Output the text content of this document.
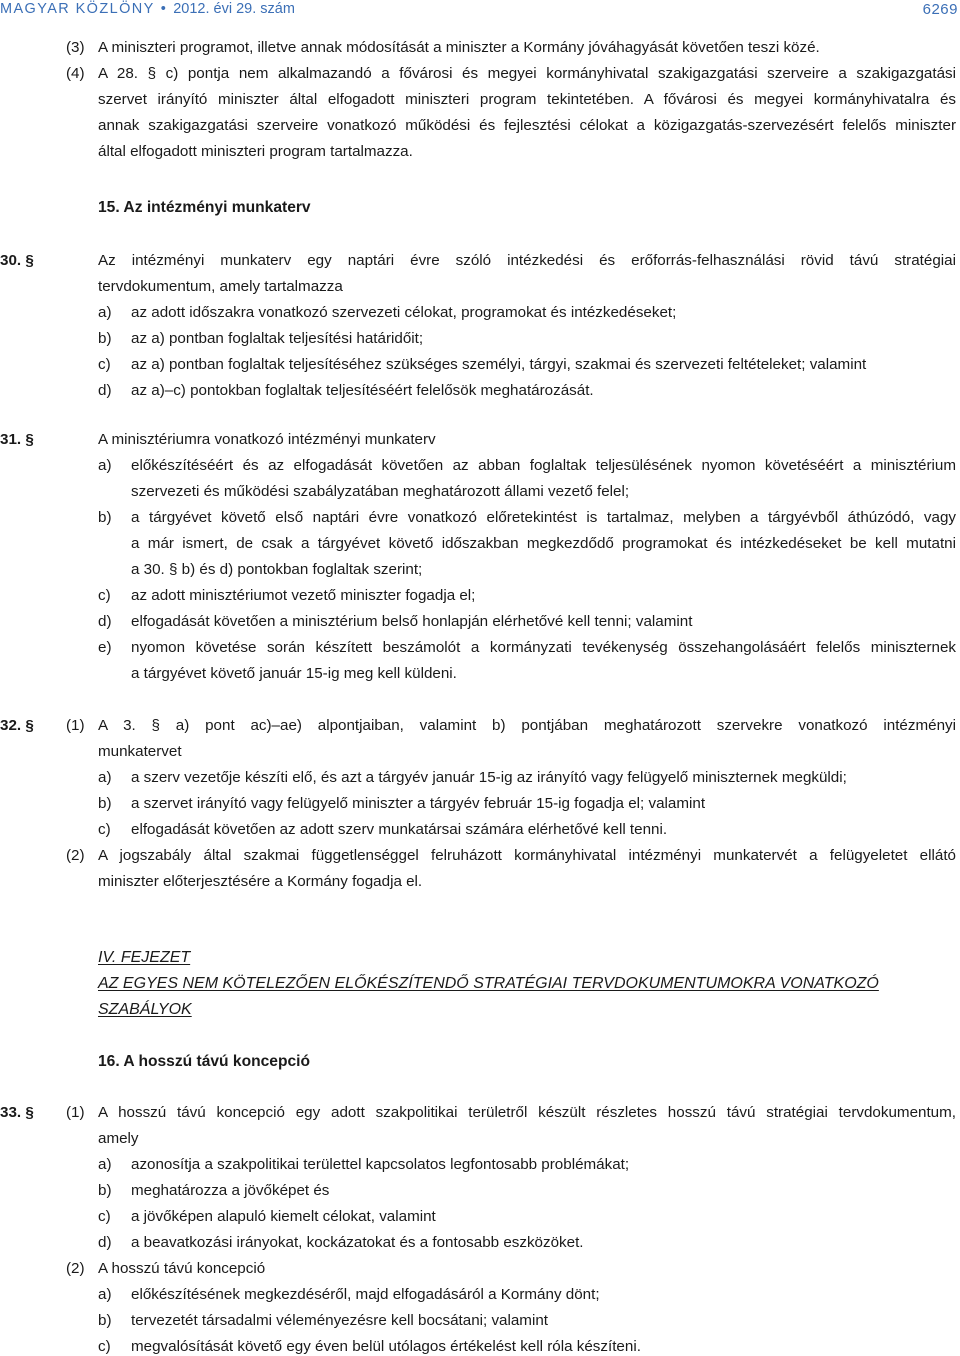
MAGYAR KÖZLÖNY • 2012. évi 29. szám	6269
(3) A miniszteri programot, illetve annak módosítását a miniszter a Kormány jóváhagyását követően teszi közé.
(4) A 28. § c) pontja nem alkalmazandó a fővárosi és megyei kormányhivatal szakigazgatási szerveire a szakigazgatási
szervet irányító miniszter által elfogadott miniszteri program tekintetében. A fővárosi és megyei kormányhivatalra és
annak szakigazgatási szerveire vonatkozó működési és fejlesztési célokat a közigazgatás-szervezésért felelős miniszter
által elfogadott miniszteri program tartalmazza.
15. Az intézményi munkaterv
30. §	Az intézményi munkaterv egy naptári évre szóló intézkedési és erőforrás-felhasználási rövid távú stratégiai
tervdokumentum, amely tartalmazza
a) az adott időszakra vonatkozó szervezeti célokat, programokat és intézkedéseket;
b) az a) pontban foglaltak teljesítési határidőit;
c) az a) pontban foglaltak teljesítéséhez szükséges személyi, tárgyi, szakmai és szervezeti feltételeket; valamint
d) az a)–c) pontokban foglaltak teljesítéséért felelősök meghatározását.
31. §	A minisztériumra vonatkozó intézményi munkaterv
a) előkészítéséért és az elfogadását követően az abban foglaltak teljesülésének nyomon követéséért a minisztérium
szervezeti és működési szabályzatában meghatározott állami vezető felel;
b) a tárgyévet követő első naptári évre vonatkozó előretekintést is tartalmaz, melyben a tárgyévből áthúzódó, vagy
a már ismert, de csak a tárgyévet követő időszakban megkezdődő programokat és intézkedéseket be kell mutatni
a 30. § b) és d) pontokban foglaltak szerint;
c) az adott minisztériumot vezető miniszter fogadja el;
d) elfogadását követően a minisztérium belső honlapján elérhetővé kell tenni; valamint
e) nyomon követése során készített beszámolót a kormányzati tevékenység összehangolásáért felelős miniszternek
a tárgyévet követő január 15-ig meg kell küldeni.
32. § (1) A 3. § a) pont ac)–ae) alpontjaiban, valamint b) pontjában meghatározott szervekre vonatkozó intézményi
munkatervet
a) a szerv vezetője készíti elő, és azt a tárgyév január 15-ig az irányító vagy felügyelő miniszternek megküldi;
b) a szervet irányító vagy felügyelő miniszter a tárgyév február 15-ig fogadja el; valamint
c) elfogadását követően az adott szerv munkatársai számára elérhetővé kell tenni.
(2) A jogszabály által szakmai függetlenséggel felruházott kormányhivatal intézményi munkatervét a felügyeletet ellátó
miniszter előterjesztésére a Kormány fogadja el.
IV. FEJEZET
AZ EGYES NEM KÖTELEZŐEN ELŐKÉSZÍTENDŐ STRATÉGIAI TERVDOKUMENTUMOKRA VONATKOZÓ
SZABÁLYOK
16. A hosszú távú koncepció
33. § (1) A hosszú távú koncepció egy adott szakpolitikai területről készült részletes hosszú távú stratégiai tervdokumentum,
amely
a) azonosítja a szakpolitikai területtel kapcsolatos legfontosabb problémákat;
b) meghatározza a jövőképet és
c) a jövőképen alapuló kiemelt célokat, valamint
d) a beavatkozási irányokat, kockázatokat és a fontosabb eszközöket.
(2) A hosszú távú koncepció
a) előkészítésének megkezdéséről, majd elfogadásáról a Kormány dönt;
b) tervezetét társadalmi véleményezésre kell bocsátani; valamint
c) megvalósítását követő egy éven belül utólagos értékelést kell róla készíteni.
